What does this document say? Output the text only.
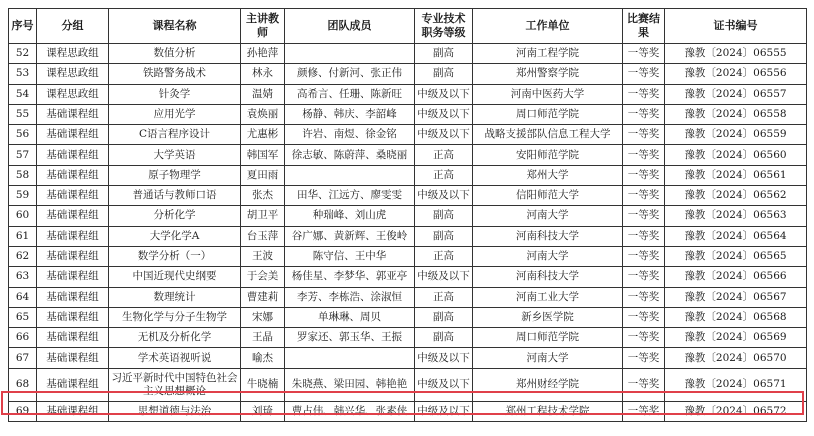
序号	分组	课程名称	主讲教师	团队成员	专业技术职务等级	工作单位	比赛结果	证书编号
52	课程思政组	数值分析	孙艳萍		副高	河南工程学院	一等奖	豫教〔2024〕06555
53	课程思政组	铁路警务战术	林永	颜修、付新河、张正伟	副高	郑州警察学院	一等奖	豫教〔2024〕06556
54	课程思政组	针灸学	温婧	高希言、任珊、陈新旺	中级及以下	河南中医药大学	一等奖	豫教〔2024〕06557
55	基础课程组	应用光学	袁焕丽	杨静、韩庆、李韶峰	中级及以下	周口师范学院	一等奖	豫教〔2024〕06558
56	基础课程组	C语言程序设计	尤惠彬	许岩、南煜、徐金铭	中级及以下	战略支援部队信息工程大学	一等奖	豫教〔2024〕06559
57	基础课程组	大学英语	韩国军	徐志敏、陈蔚萍、桑晓丽	正高	安阳师范学院	一等奖	豫教〔2024〕06560
58	基础课程组	原子物理学	夏田雨		正高	郑州大学	一等奖	豫教〔2024〕06561
59	基础课程组	普通话与教师口语	张杰	田华、江远方、廖雯雯	中级及以下	信阳师范大学	一等奖	豫教〔2024〕06562
60	基础课程组	分析化学	胡卫平	种瑞峰、刘山虎	副高	河南大学	一等奖	豫教〔2024〕06563
61	基础课程组	大学化学A	台玉萍	谷广娜、黄新辉、王俊岭	副高	河南科技大学	一等奖	豫教〔2024〕06564
62	基础课程组	数学分析（一）	王波	陈守信、王中华	正高	河南大学	一等奖	豫教〔2024〕06565
63	基础课程组	中国近现代史纲要	于会美	杨佳星、李梦华、郭亚亭	中级及以下	河南科技大学	一等奖	豫教〔2024〕06566
64	基础课程组	数理统计	曹建莉	李芳、李栋浩、涂淑恒	正高	河南工业大学	一等奖	豫教〔2024〕06567
65	基础课程组	生物化学与分子生物学	宋娜	单琳琳、周贝	副高	新乡医学院	一等奖	豫教〔2024〕06568
66	基础课程组	无机及分析化学	王晶	罗家还、郭玉华、王振	副高	周口师范学院	一等奖	豫教〔2024〕06569
67	基础课程组	学术英语视听说	喻杰		中级及以下	河南大学	一等奖	豫教〔2024〕06570
68	基础课程组	习近平新时代中国特色社会主义思想概论	牛晓楠	朱晓燕、梁田园、韩艳艳	中级及以下	郑州财经学院	一等奖	豫教〔2024〕06571
69	基础课程组	思想道德与法治	刘琦	曹占伟、韩兴华、张素侠	中级及以下	郑州工程技术学院	一等奖	豫教〔2024〕06572
